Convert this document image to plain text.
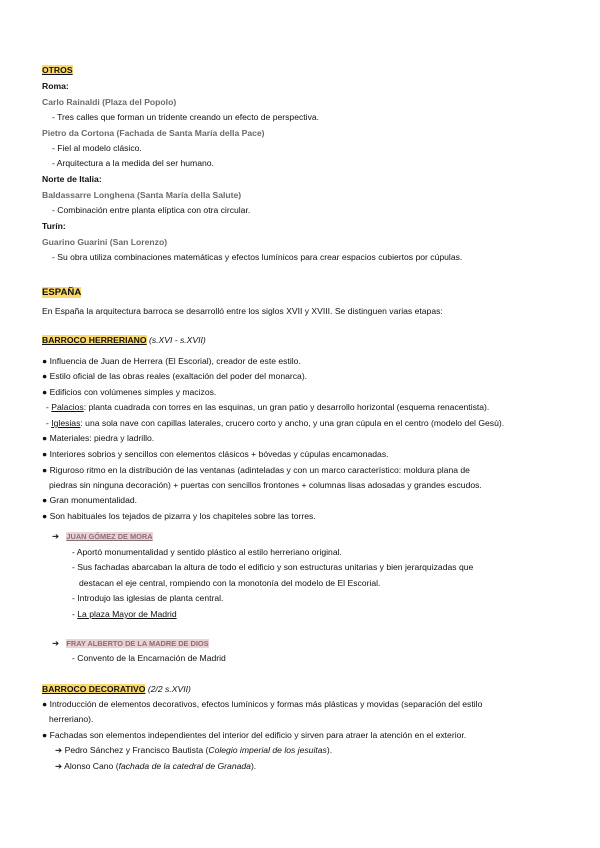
OTROS
Roma:
Carlo Rainaldi (Plaza del Popolo)
- Tres calles que forman un tridente creando un efecto de perspectiva.
Pietro da Cortona (Fachada de Santa María della Pace)
- Fiel al modelo clásico.
- Arquitectura a la medida del ser humano.
Norte de Italia:
Baldassarre Longhena (Santa María della Salute)
- Combinación entre planta elíptica con otra circular.
Turín:
Guarino Guarini (San Lorenzo)
- Su obra utiliza combinaciones matemáticas y efectos lumínicos para crear espacios cubiertos por cúpulas.
ESPAÑA
En España la arquitectura barroca se desarrolló entre los siglos XVII y XVIII. Se distinguen varias etapas:
BARROCO HERRERIANO (s.XVI - s.XVII)
● Influencia de Juan de Herrera (El Escorial), creador de este estilo.
● Estilo oficial de las obras reales (exaltación del poder del monarca).
● Edificios con volúmenes simples y macizos.
- Palacios: planta cuadrada con torres en las esquinas, un gran patio y desarrollo horizontal (esquema renacentista).
- Iglesias: una sola nave con capillas laterales, crucero corto y ancho, y una gran cúpula en el centro (modelo del Gesù).
● Materiales: piedra y ladrillo.
● Interiores sobrios y sencillos con elementos clásicos + bóvedas y cúpulas encamonadas.
● Riguroso ritmo en la distribución de las ventanas (adinteladas y con un marco característico: moldura plana de
piedras sin ninguna decoración) + puertas con sencillos frontones + columnas lisas adosadas y grandes escudos.
● Gran monumentalidad.
● Son habituales los tejados de pizarra y los chapiteles sobre las torres.
➔ JUAN GÓMEZ DE MORA
- Aportó monumentalidad y sentido plástico al estilo herreriano original.
- Sus fachadas abarcaban la altura de todo el edificio y son estructuras unitarias y bien jerarquizadas que
destacan el eje central, rompiendo con la monotonía del modelo de El Escorial.
- Introdujo las iglesias de planta central.
- La plaza Mayor de Madrid
➔ FRAY ALBERTO DE LA MADRE DE DIOS
- Convento de la Encarnación de Madrid
BARROCO DECORATIVO (2/2 s.XVII)
● Introducción de elementos decorativos, efectos lumínicos y formas más plásticas y movidas (separación del estilo
herreriano).
● Fachadas son elementos independientes del interior del edificio y sirven para atraer la atención en el exterior.
➔ Pedro Sánchez y Francisco Bautista (Colegio imperial de los jesuitas).
➔ Alonso Cano (fachada de la catedral de Granada).
